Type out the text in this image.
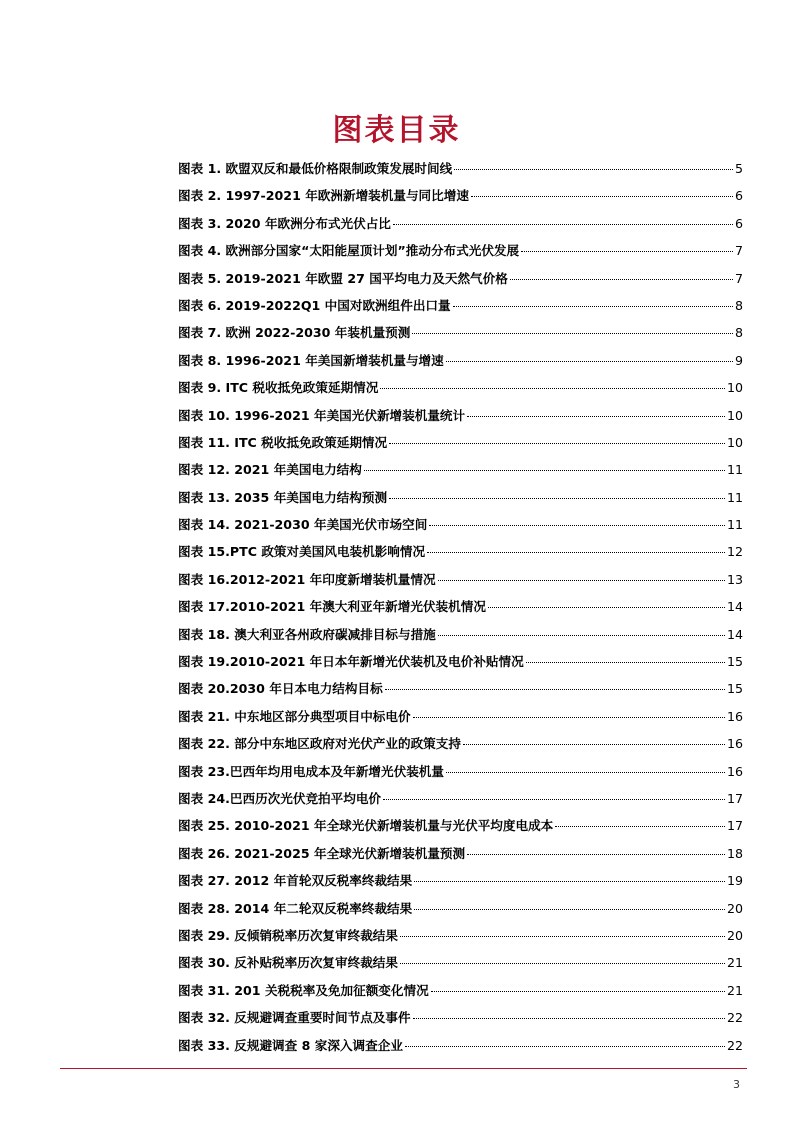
图表目录
图表 1. 欧盟双反和最低价格限制政策发展时间线	5
图表 2. 1997-2021 年欧洲新增装机量与同比增速	6
图表 3. 2020 年欧洲分布式光伏占比	6
图表 4. 欧洲部分国家“太阳能屋顶计划”推动分布式光伏发展	7
图表 5. 2019-2021 年欧盟 27 国平均电力及天然气价格	7
图表 6. 2019-2022Q1 中国对欧洲组件出口量	8
图表 7. 欧洲 2022-2030 年装机量预测	8
图表 8. 1996-2021 年美国新增装机量与增速	9
图表 9. ITC 税收抵免政策延期情况	10
图表 10. 1996-2021 年美国光伏新增装机量统计	10
图表 11. ITC 税收抵免政策延期情况	10
图表 12. 2021 年美国电力结构	11
图表 13. 2035 年美国电力结构预测	11
图表 14. 2021-2030 年美国光伏市场空间	11
图表 15.PTC 政策对美国风电装机影响情况	12
图表 16.2012-2021 年印度新增装机量情况	13
图表 17.2010-2021 年澳大利亚年新增光伏装机情况	14
图表 18. 澳大利亚各州政府碳减排目标与措施	14
图表 19.2010-2021 年日本年新增光伏装机及电价补贴情况	15
图表 20.2030 年日本电力结构目标	15
图表 21. 中东地区部分典型项目中标电价	16
图表 22. 部分中东地区政府对光伏产业的政策支持	16
图表 23.巴西年均用电成本及年新增光伏装机量	16
图表 24.巴西历次光伏竞拍平均电价	17
图表 25. 2010-2021 年全球光伏新增装机量与光伏平均度电成本	17
图表 26. 2021-2025 年全球光伏新增装机量预测	18
图表 27. 2012 年首轮双反税率终裁结果	19
图表 28. 2014 年二轮双反税率终裁结果	20
图表 29. 反倾销税率历次复审终裁结果	20
图表 30. 反补贴税率历次复审终裁结果	21
图表 31. 201 关税税率及免加征额变化情况	21
图表 32. 反规避调查重要时间节点及事件	22
图表 33. 反规避调查 8 家深入调查企业	22
3
